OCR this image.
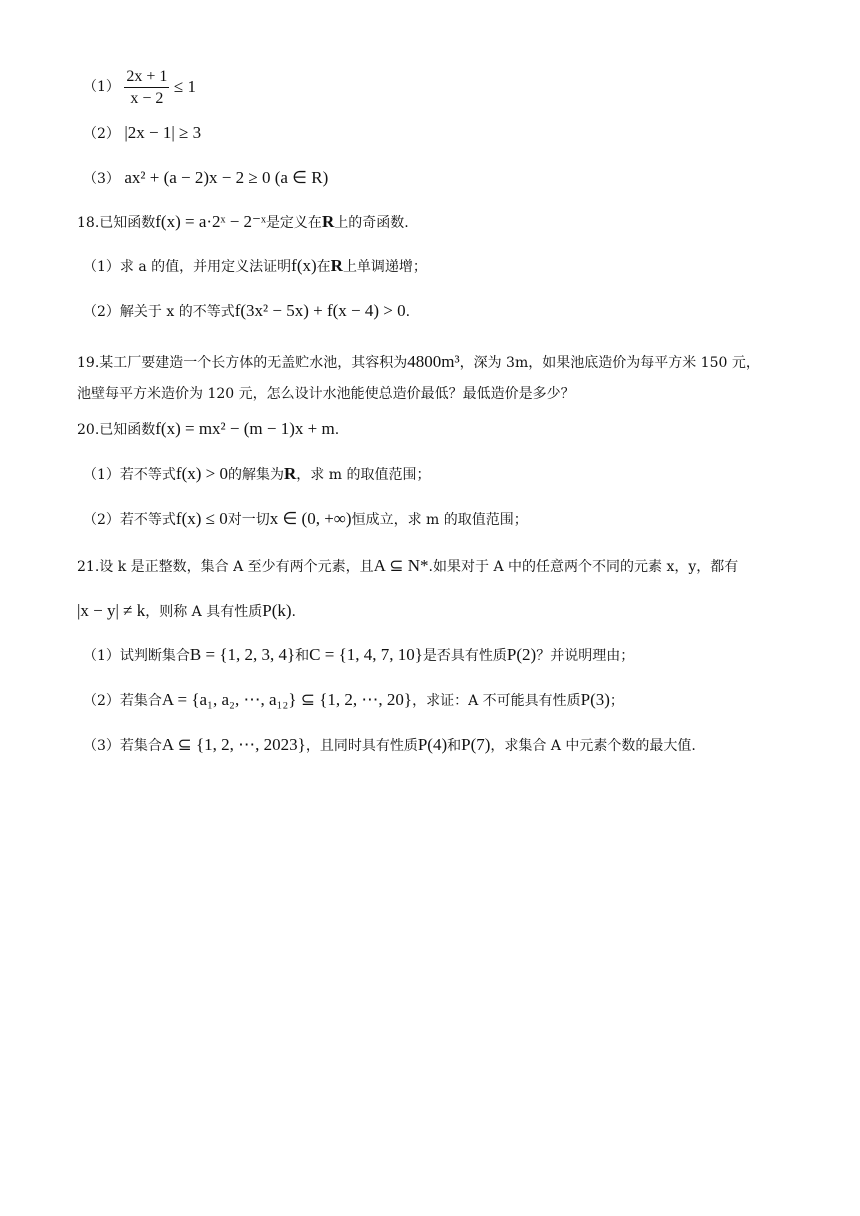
$(1) \frac{2x + 1}{x - 2} \le 1$
（2） |2x − 1| ≥ 3
（3） ax² + (a − 2)x − 2 ≥ 0 (a ∈ R)
18.已知函数f(x) = a·2ˣ − 2⁻ˣ是定义在R上的奇函数.
（1）求 a 的值，并用定义法证明f(x)在R上单调递增；
（2）解关于 x 的不等式f(3x² − 5x) + f(x − 4) > 0.
19.某工厂要建造一个长方体的无盖贮水池，其容积为4800m³，深为 3m，如果池底造价为每平方米 150 元，
池壁每平方米造价为 120 元，怎么设计水池能使总造价最低？最低造价是多少？
20.已知函数f(x) = mx² − (m − 1)x + m.
（1）若不等式f(x) > 0的解集为R，求 m 的取值范围；
（2）若不等式f(x) ≤ 0对一切x ∈ (0, +∞)恒成立，求 m 的取值范围；
21.设 k 是正整数，集合 A 至少有两个元素，且A ⊆ N*.如果对于 A 中的任意两个不同的元素 x，y，都有
|x − y| ≠ k，则称 A 具有性质P(k).
（1）试判断集合B = {1, 2, 3, 4}和C = {1, 4, 7, 10}是否具有性质P(2)？并说明理由；
（2）若集合A = {a₁, a₂, ⋯, a₁₂} ⊆ {1, 2, ⋯, 20}，求证：A 不可能具有性质P(3)；
（3）若集合A ⊆ {1, 2, ⋯, 2023}，且同时具有性质P(4)和P(7)，求集合 A 中元素个数的最大值.
